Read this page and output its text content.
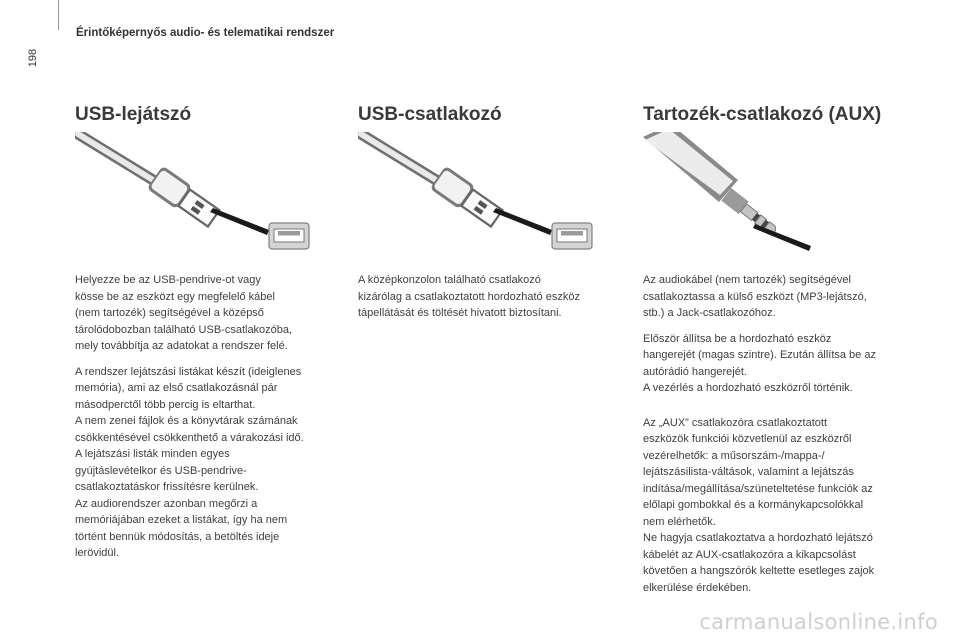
198
Érintőképernyős audio- és telematikai rendszer
USB-lejátszó

Helyezze be az USB-pendrive-ot vagy
kösse be az eszközt egy megfelelő kábel
(nem tartozék) segítségével a középső
tárolódobozban található USB-csatlakozóba,
mely továbbítja az adatokat a rendszer felé.

A rendszer lejátszási listákat készít (ideiglenes
memória), ami az első csatlakozásnál pár
másodperctől több percig is eltarthat.
A nem zenei fájlok és a könyvtárak számának
csökkentésével csökkenthető a várakozási idő.
A lejátszási listák minden egyes
gyújtáslevételkor és USB-pendrive-
csatlakoztatáskor frissítésre kerülnek.
Az audiorendszer azonban megőrzi a
memóriájában ezeket a listákat, így ha nem
történt bennük módosítás, a betöltés ideje
lerövidül.

USB-csatlakozó

A középkonzolon található csatlakozó
kizárólag a csatlakoztatott hordozható eszköz
tápellátását és töltését hivatott biztosítani.

Tartozék-csatlakozó (AUX)

Az audiokábel (nem tartozék) segítségével
csatlakoztassa a külső eszközt (MP3-lejátszó,
stb.) a Jack-csatlakozóhoz.

Először állítsa be a hordozható eszköz
hangerejét (magas szintre). Ezután állítsa be az
autórádió hangerejét.
A vezérlés a hordozható eszközről történik.

Az „AUX” csatlakozóra csatlakoztatott
eszközök funkciói közvetlenül az eszközről
vezérelhetők: a műsorszám-/mappa-/
lejátszásilista-váltások, valamint a lejátszás
indítása/megállítása/szüneteltetése funkciók az
előlapi gombokkal és a kormánykapcsolókkal
nem elérhetők.
Ne hagyja csatlakoztatva a hordozható lejátszó
kábelét az AUX-csatlakozóra a kikapcsolást
követően a hangszórók keltette esetleges zajok
elkerülése érdekében.

carmanualsonline.info
